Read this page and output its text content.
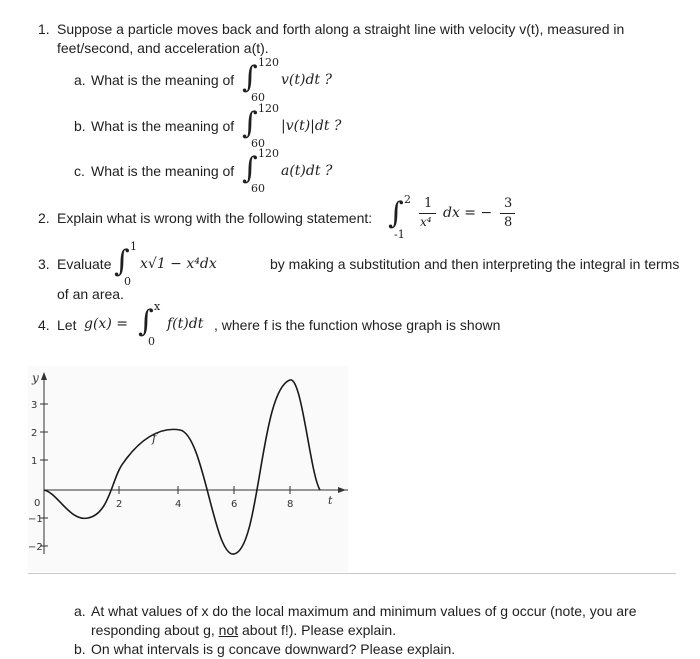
1. Suppose a particle moves back and forth along a straight line with velocity v(t), measured in
feet/second, and acceleration a(t).
a. What is the meaning of
120
∫
60
v(t)dt ?
b. What is the meaning of
120
∫
60
|v(t)|dt ?
c. What is the meaning of
120
∫
60
a(t)dt ?
2. Explain what is wrong with the following statement:
2
∫
-1
1
x⁴
dx = −
3
8
3. Evaluate
1
∫
0
x√1 − x⁴dx	by making a substitution and then interpreting the integral in terms
of an area.
4. Let g(x) =
x
∫
0
f(t)dt , where f is the function whose graph is shown
y
t
f
0	2	4	6	8
3
2
1
−1
−2
a. At what values of x do the local maximum and minimum values of g occur (note, you are
responding about g, not about f!). Please explain.
b. On what intervals is g concave downward? Please explain.
